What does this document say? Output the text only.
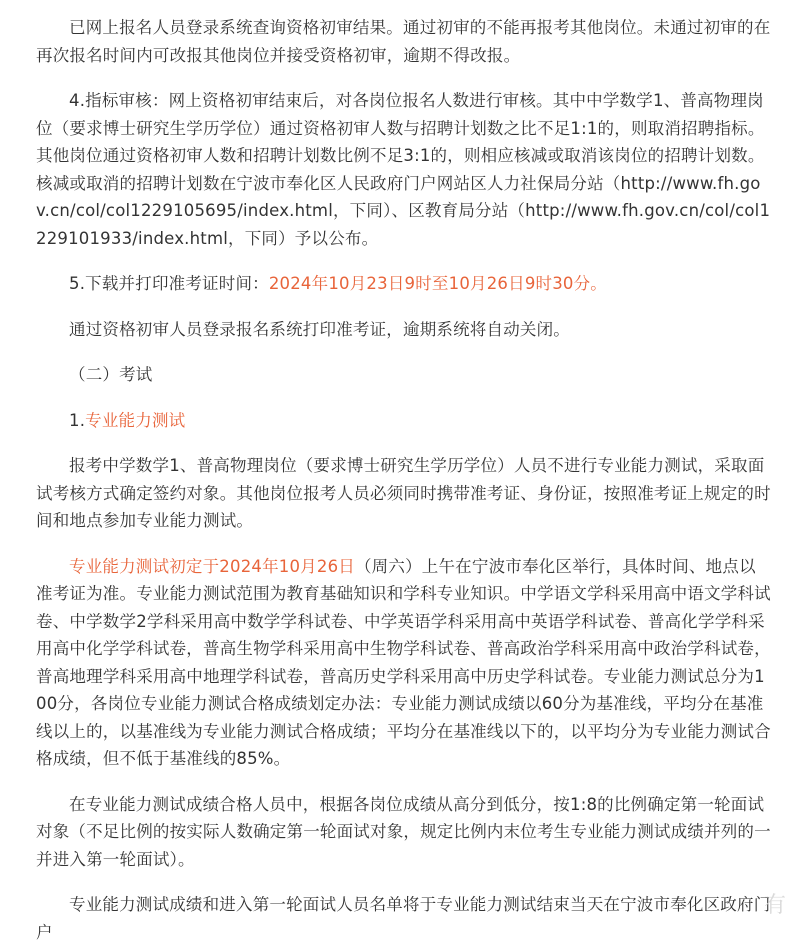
已网上报名人员登录系统查询资格初审结果。通过初审的不能再报考其他岗位。未通过初审的在再次报名时间内可改报其他岗位并接受资格初审，逾期不得改报。

4.指标审核：网上资格初审结束后，对各岗位报名人数进行审核。其中中学数学1、普高物理岗位（要求博士研究生学历学位）通过资格初审人数与招聘计划数之比不足1:1的，则取消招聘指标。其他岗位通过资格初审人数和招聘计划数比例不足3:1的，则相应核减或取消该岗位的招聘计划数。核减或取消的招聘计划数在宁波市奉化区人民政府门户网站区人力社保局分站（http://www.fh.gov.cn/col/col1229105695/index.html，下同）、区教育局分站（http://www.fh.gov.cn/col/col1229101933/index.html，下同）予以公布。

5.下载并打印准考证时间：2024年10月23日9时至10月26日9时30分。

通过资格初审人员登录报名系统打印准考证，逾期系统将自动关闭。

（二）考试

1.专业能力测试

报考中学数学1、普高物理岗位（要求博士研究生学历学位）人员不进行专业能力测试，采取面试考核方式确定签约对象。其他岗位报考人员必须同时携带准考证、身份证，按照准考证上规定的时间和地点参加专业能力测试。

专业能力测试初定于2024年10月26日（周六）上午在宁波市奉化区举行，具体时间、地点以准考证为准。专业能力测试范围为教育基础知识和学科专业知识。中学语文学科采用高中语文学科试卷、中学数学2学科采用高中数学学科试卷、中学英语学科采用高中英语学科试卷、普高化学学科采用高中化学学科试卷，普高生物学科采用高中生物学科试卷、普高政治学科采用高中政治学科试卷，普高地理学科采用高中地理学科试卷，普高历史学科采用高中历史学科试卷。专业能力测试总分为100分，各岗位专业能力测试合格成绩划定办法：专业能力测试成绩以60分为基准线，平均分在基准线以上的，以基准线为专业能力测试合格成绩；平均分在基准线以下的，以平均分为专业能力测试合格成绩，但不低于基准线的85%。

在专业能力测试成绩合格人员中，根据各岗位成绩从高分到低分，按1:8的比例确定第一轮面试对象（不足比例的按实际人数确定第一轮面试对象，规定比例内末位考生专业能力测试成绩并列的一并进入第一轮面试）。

专业能力测试成绩和进入第一轮面试人员名单将于专业能力测试结束当天在宁波市奉化区政府门户

有
